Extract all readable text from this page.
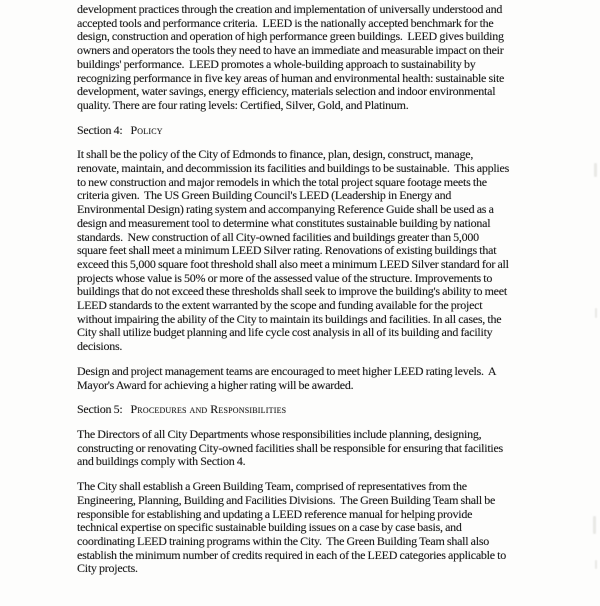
development practices through the creation and implementation of universally understood and accepted tools and performance criteria.  LEED is the nationally accepted benchmark for the design, construction and operation of high performance green buildings.  LEED gives building owners and operators the tools they need to have an immediate and measurable impact on their buildings' performance.  LEED promotes a whole-building approach to sustainability by recognizing performance in five key areas of human and environmental health: sustainable site development, water savings, energy efficiency, materials selection and indoor environmental quality. There are four rating levels: Certified, Silver, Gold, and Platinum.

Section 4: Policy

It shall be the policy of the City of Edmonds to finance, plan, design, construct, manage, renovate, maintain, and decommission its facilities and buildings to be sustainable.  This applies to new construction and major remodels in which the total project square footage meets the criteria given.  The US Green Building Council's LEED (Leadership in Energy and Environmental Design) rating system and accompanying Reference Guide shall be used as a design and measurement tool to determine what constitutes sustainable building by national standards.  New construction of all City-owned facilities and buildings greater than 5,000 square feet shall meet a minimum LEED Silver rating. Renovations of existing buildings that exceed this 5,000 square foot threshold shall also meet a minimum LEED Silver standard for all projects whose value is 50% or more of the assessed value of the structure. Improvements to buildings that do not exceed these thresholds shall seek to improve the building's ability to meet LEED standards to the extent warranted by the scope and funding available for the project without impairing the ability of the City to maintain its buildings and facilities. In all cases, the City shall utilize budget planning and life cycle cost analysis in all of its building and facility decisions.

Design and project management teams are encouraged to meet higher LEED rating levels.  A Mayor's Award for achieving a higher rating will be awarded.

Section 5: Procedures and Responsibilities

The Directors of all City Departments whose responsibilities include planning, designing, constructing or renovating City-owned facilities shall be responsible for ensuring that facilities and buildings comply with Section 4.

The City shall establish a Green Building Team, comprised of representatives from the Engineering, Planning, Building and Facilities Divisions.  The Green Building Team shall be responsible for establishing and updating a LEED reference manual for helping provide technical expertise on specific sustainable building issues on a case by case basis, and coordinating LEED training programs within the City.  The Green Building Team shall also establish the minimum number of credits required in each of the LEED categories applicable to City projects.
